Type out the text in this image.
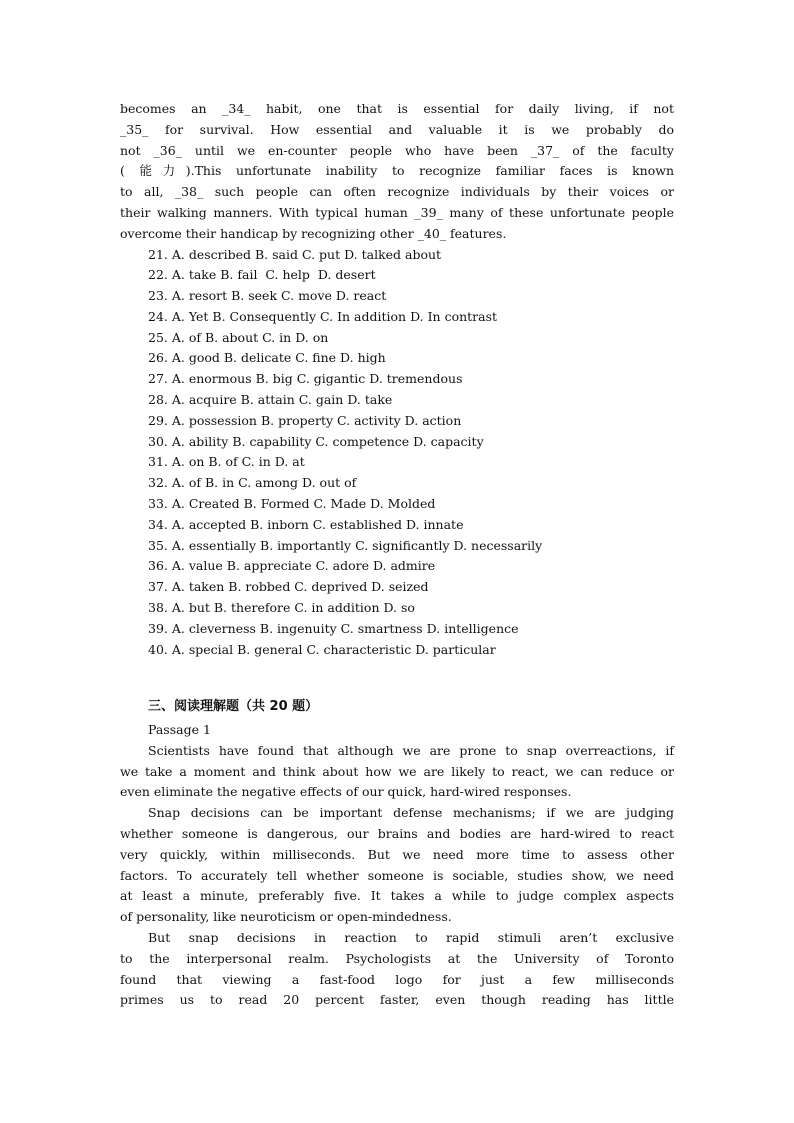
becomes an _34_ habit, one that is essential for daily living, if not
_35_ for survival. How essential and valuable it is we probably do
not _36_ until we en-counter people who have been _37_ of the faculty
( 能力).This unfortunate inability to recognize familiar faces is known
to all, _38_ such people can often recognize individuals by their voices or
their walking manners. With typical human _39_ many of these unfortunate people
overcome their handicap by recognizing other _40_ features.
21. A. described B. said C. put D. talked about
22. A. take B. fail  C. help  D. desert
23. A. resort B. seek C. move D. react
24. A. Yet B. Consequently C. In addition D. In contrast
25. A. of B. about C. in D. on
26. A. good B. delicate C. fine D. high
27. A. enormous B. big C. gigantic D. tremendous
28. A. acquire B. attain C. gain D. take
29. A. possession B. property C. activity D. action
30. A. ability B. capability C. competence D. capacity
31. A. on B. of C. in D. at
32. A. of B. in C. among D. out of
33. A. Created B. Formed C. Made D. Molded
34. A. accepted B. inborn C. established D. innate
35. A. essentially B. importantly C. significantly D. necessarily
36. A. value B. appreciate C. adore D. admire
37. A. taken B. robbed C. deprived D. seized
38. A. but B. therefore C. in addition D. so
39. A. cleverness B. ingenuity C. smartness D. intelligence
40. A. special B. general C. characteristic D. particular
三、阅读理解题（共 20 题）
Passage 1
Scientists have found that although we are prone to snap overreactions, if
we take a moment and think about how we are likely to react, we can reduce or
even eliminate the negative effects of our quick, hard-wired responses.
Snap decisions can be important defense mechanisms; if we are judging
whether someone is dangerous, our brains and bodies are hard-wired to react
very quickly, within milliseconds. But we need more time to assess other
factors. To accurately tell whether someone is sociable, studies show, we need
at least a minute, preferably five. It takes a while to judge complex aspects
of personality, like neuroticism or open-mindedness.
But snap decisions in reaction to rapid stimuli aren’t exclusive
to the interpersonal realm. Psychologists at the University of Toronto
found that viewing a fast-food logo for just a few milliseconds
primes us to read 20 percent faster, even though reading has little
